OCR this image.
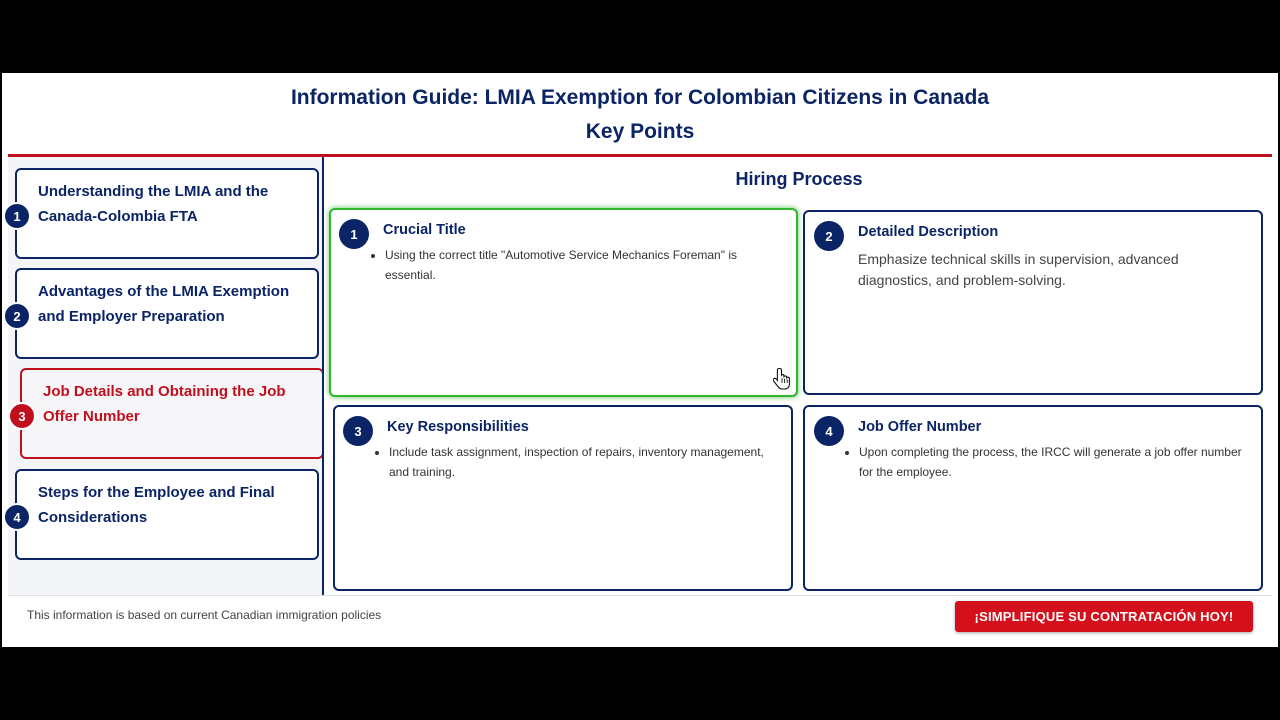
Information Guide: LMIA Exemption for Colombian Citizens in Canada
Key Points
1
Understanding the LMIA and the Canada-Colombia FTA
2
Advantages of the LMIA Exemption and Employer Preparation
3
Job Details and Obtaining the Job Offer Number
4
Steps for the Employee and Final Considerations
Hiring Process
1	Crucial Title
• Using the correct title "Automotive Service Mechanics Foreman" is essential.
2	Detailed Description
Emphasize technical skills in supervision, advanced diagnostics, and problem-solving.
3	Key Responsibilities
• Include task assignment, inspection of repairs, inventory management, and training.
4	Job Offer Number
• Upon completing the process, the IRCC will generate a job offer number for the employee.
This information is based on current Canadian immigration policies	¡SIMPLIFIQUE SU CONTRATACIÓN HOY!
